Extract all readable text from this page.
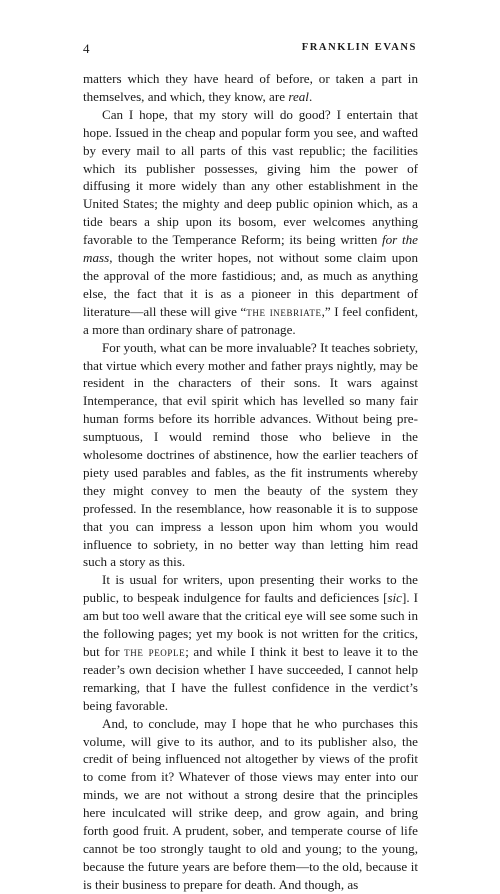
4	FRANKLIN EVANS

matters which they have heard of before, or taken a part in themselves, and which, they know, are real.

Can I hope, that my story will do good? I entertain that hope. Issued in the cheap and popular form you see, and wafted by every mail to all parts of this vast republic; the facilities which its publisher possesses, giving him the power of diffusing it more widely than any other establishment in the United States; the mighty and deep public opinion which, as a tide bears a ship upon its bosom, ever welcomes anything favorable to the Temperance Reform; its being written for the mass, though the writer hopes, not without some claim upon the approval of the more fastidious; and, as much as anything else, the fact that it is as a pioneer in this department of literature—all these will give “the inebriate,” I feel confident, a more than ordinary share of patronage.

For youth, what can be more invaluable? It teaches sobriety, that virtue which every mother and father prays nightly, may be resident in the characters of their sons. It wars against Intemperance, that evil spirit which has levelled so many fair human forms before its horrible advances. Without being presumptuous, I would remind those who believe in the wholesome doctrines of abstinence, how the earlier teachers of piety used parables and fables, as the fit instruments whereby they might convey to men the beauty of the system they professed. In the resemblance, how reasonable it is to suppose that you can impress a lesson upon him whom you would influence to sobriety, in no better way than letting him read such a story as this.

It is usual for writers, upon presenting their works to the public, to bespeak indulgence for faults and deficiences [sic]. I am but too well aware that the critical eye will see some such in the following pages; yet my book is not written for the critics, but for the people; and while I think it best to leave it to the reader’s own decision whether I have succeeded, I cannot help remarking, that I have the fullest confidence in the verdict’s being favorable.

And, to conclude, may I hope that he who purchases this volume, will give to its author, and to its publisher also, the credit of being influenced not altogether by views of the profit to come from it? Whatever of those views may enter into our minds, we are not without a strong desire that the principles here inculcated will strike deep, and grow again, and bring forth good fruit. A prudent, sober, and temperate course of life cannot be too strongly taught to old and young; to the young, because the future years are before them—to the old, because it is their business to prepare for death. And though, as
